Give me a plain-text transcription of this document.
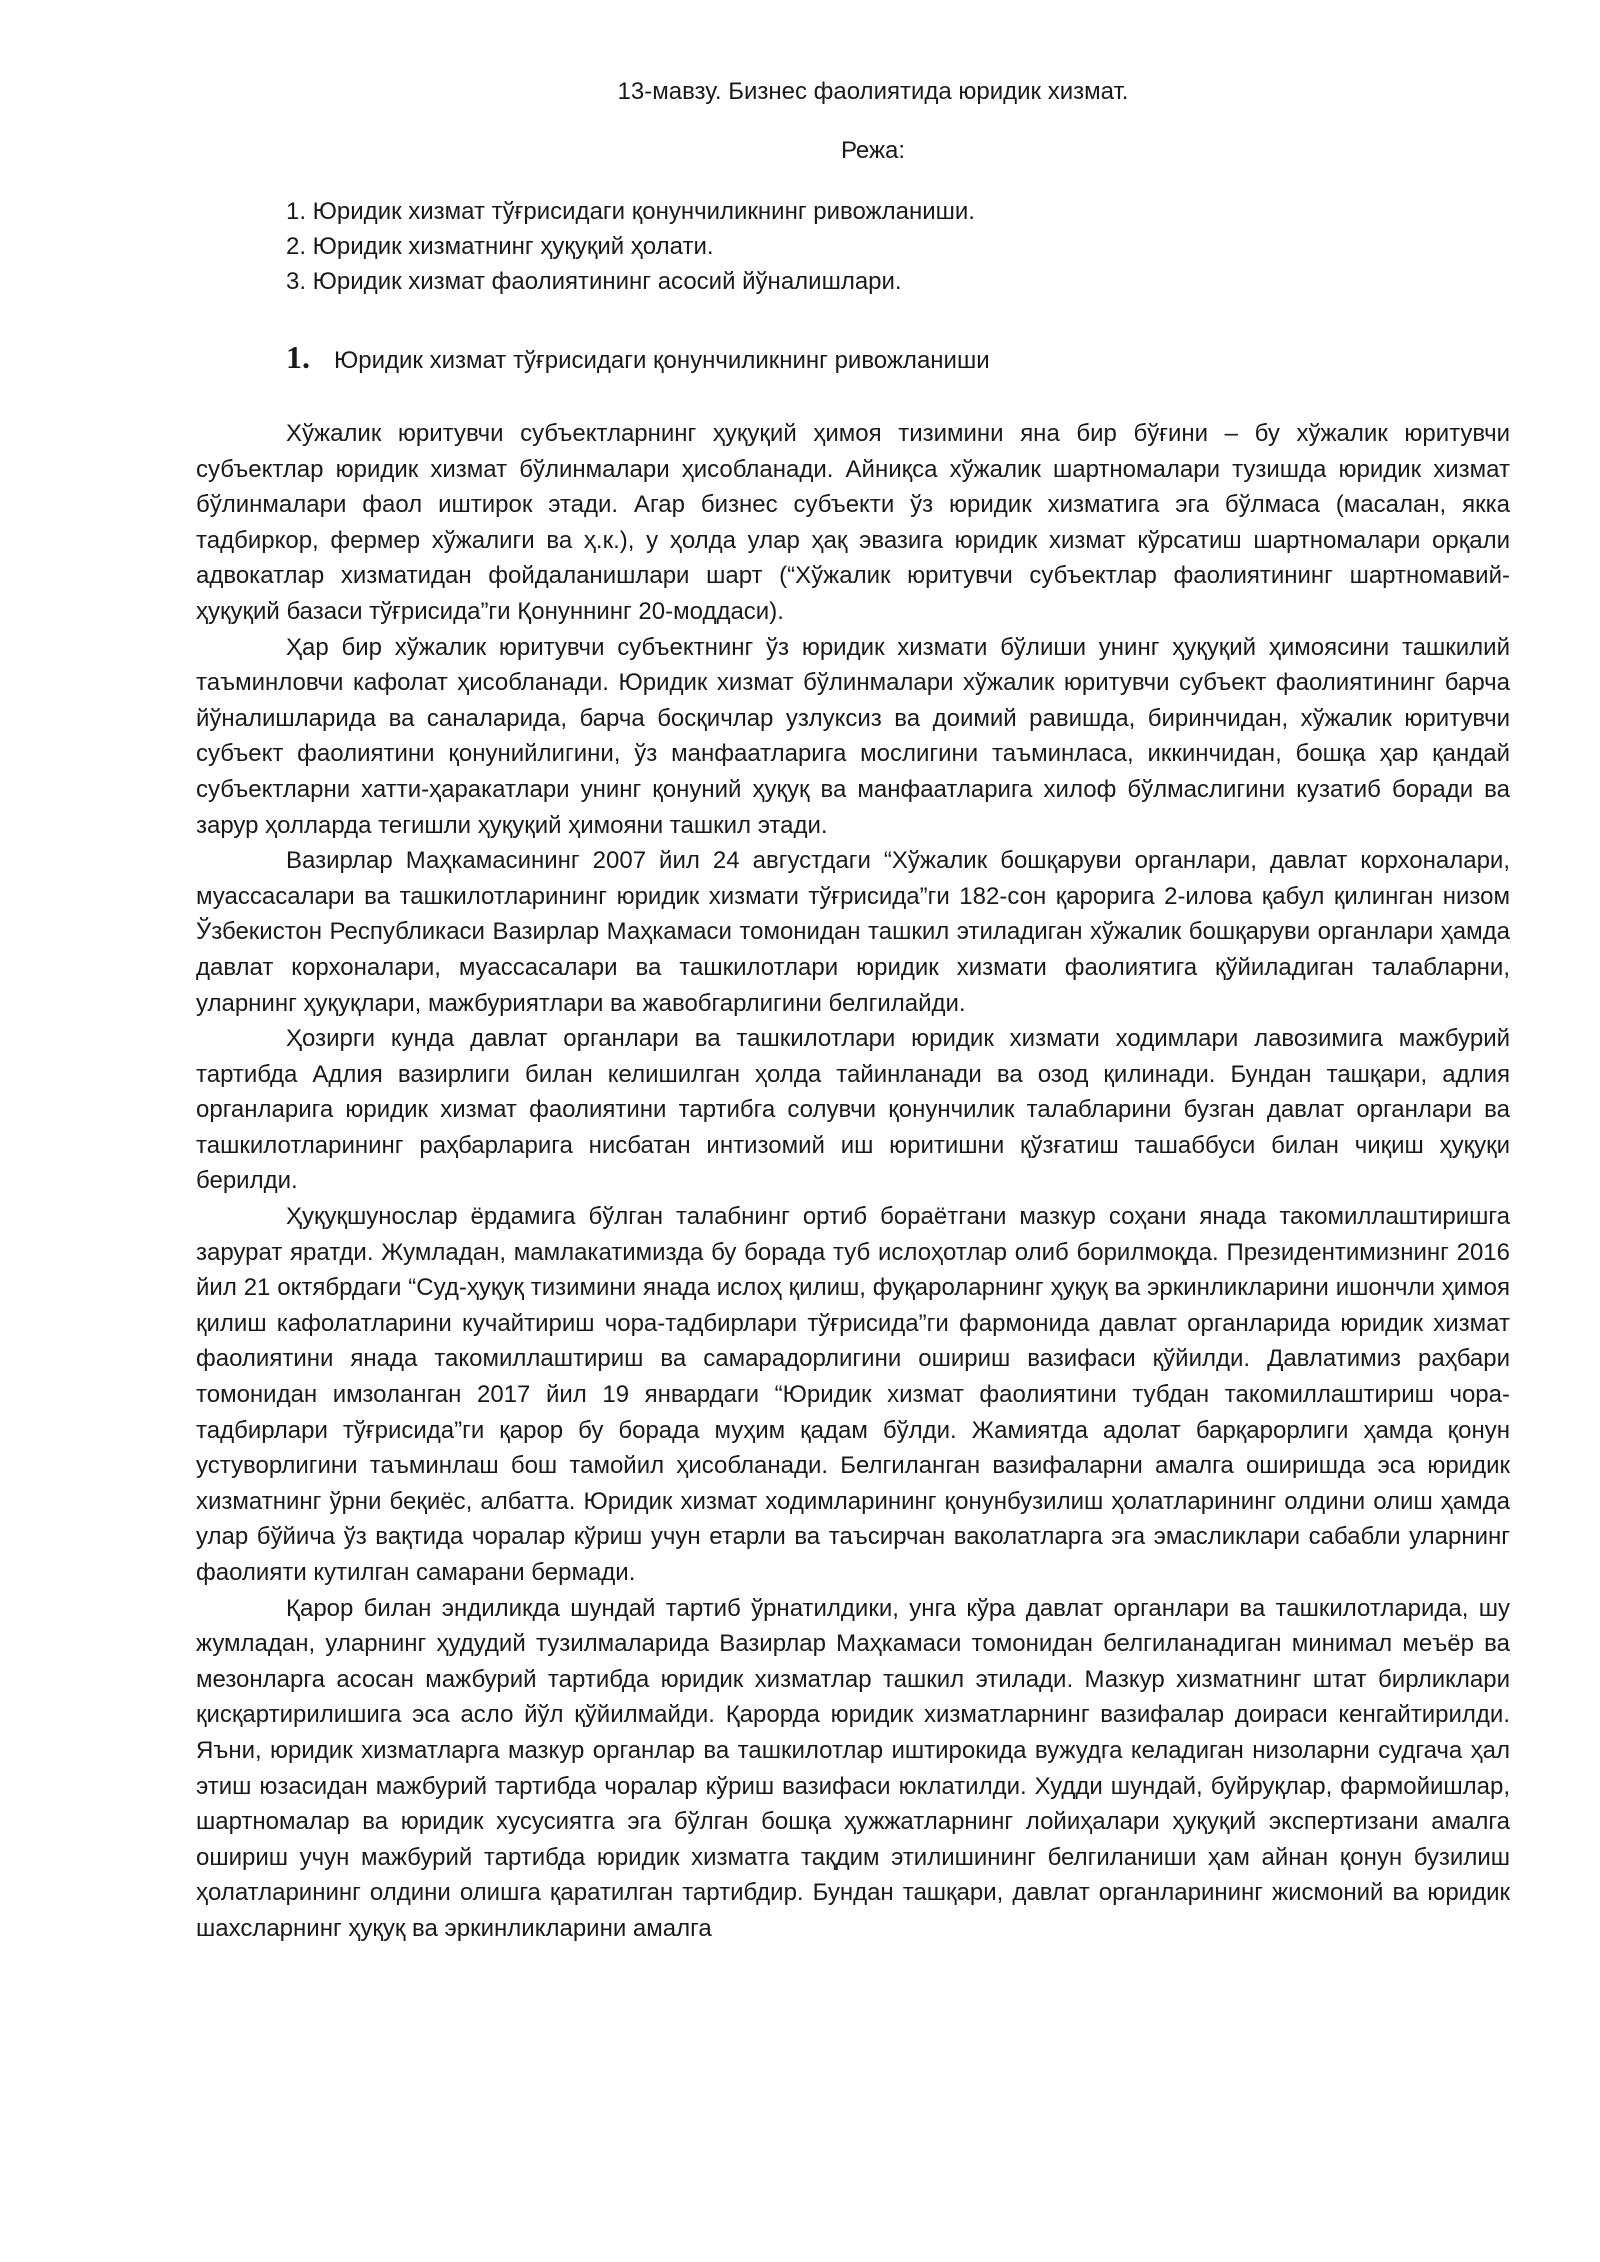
13-мавзу. Бизнес фаолиятида юридик хизмат.
Режа:
1. Юридик хизмат тўғрисидаги қонунчиликнинг ривожланиши.
2. Юридик хизматнинг ҳуқуқий ҳолати.
3. Юридик хизмат фаолиятининг асосий йўналишлари.
1. Юридик хизмат тўғрисидаги қонунчиликнинг ривожланиши

Хўжалик юритувчи субъектларнинг ҳуқуқий ҳимоя тизимини яна бир бўғини – бу хўжалик юритувчи субъектлар юридик хизмат бўлинмалари ҳисобланади. Айниқса хўжалик шартномалари тузишда юридик хизмат бўлинмалари фаол иштирок этади. Агар бизнес субъекти ўз юридик хизматига эга бўлмаса (масалан, якка тадбиркор, фермер хўжалиги ва ҳ.к.), у ҳолда улар ҳақ эвазига юридик хизмат кўрсатиш шартномалари орқали адвокатлар хизматидан фойдаланишлари шарт (“Хўжалик юритувчи субъектлар фаолиятининг шартномавий-ҳуқуқий базаси тўғрисида”ги Қонуннинг 20-моддаси).

Ҳар бир хўжалик юритувчи субъектнинг ўз юридик хизмати бўлиши унинг ҳуқуқий ҳимоясини ташкилий таъминловчи кафолат ҳисобланади. Юридик хизмат бўлинмалари хўжалик юритувчи субъект фаолиятининг барча йўналишларида ва саналарида, барча босқичлар узлуксиз ва доимий равишда, биринчидан, хўжалик юритувчи субъект фаолиятини қонунийлигини, ўз манфаатларига мослигини таъминласа, иккинчидан, бошқа ҳар қандай субъектларни хатти-ҳаракатлари унинг қонуний ҳуқуқ ва манфаатларига хилоф бўлмаслигини кузатиб боради ва зарур ҳолларда тегишли ҳуқуқий ҳимояни ташкил этади.

Вазирлар Маҳкамасининг 2007 йил 24 августдаги “Хўжалик бошқаруви органлари, давлат корхоналари, муассасалари ва ташкилотларининг юридик хизмати тўғрисида”ги 182-сон қарорига 2-илова қабул қилинган низом Ўзбекистон Республикаси Вазирлар Маҳкамаси томонидан ташкил этиладиган хўжалик бошқаруви органлари ҳамда давлат корхоналари, муассасалари ва ташкилотлари юридик хизмати фаолиятига қўйиладиган талабларни, уларнинг ҳуқуқлари, мажбуриятлари ва жавобгарлигини белгилайди.

Ҳозирги кунда давлат органлари ва ташкилотлари юридик хизмати ходимлари лавозимига мажбурий тартибда Адлия вазирлиги билан келишилган ҳолда тайинланади ва озод қилинади. Бундан ташқари, адлия органларига юридик хизмат фаолиятини тартибга солувчи қонунчилик талабларини бузган давлат органлари ва ташкилотларининг раҳбарларига нисбатан интизомий иш юритишни қўзғатиш ташаббуси билан чиқиш ҳуқуқи берилди.

Ҳуқуқшунослар ёрдамига бўлган талабнинг ортиб бораётгани мазкур соҳани янада такомиллаштиришга зарурат яратди. Жумладан, мамлакатимизда бу борада туб ислоҳотлар олиб борилмоқда. Президентимизнинг 2016 йил 21 октябрдаги “Суд-ҳуқуқ тизимини янада ислоҳ қилиш, фуқароларнинг ҳуқуқ ва эркинликларини ишончли ҳимоя қилиш кафолатларини кучайтириш чора-тадбирлари тўғрисида”ги фармонида давлат органларида юридик хизмат фаолиятини янада такомиллаштириш ва самарадорлигини ошириш вазифаси қўйилди. Давлатимиз раҳбари томонидан имзоланган 2017 йил 19 январдаги “Юридик хизмат фаолиятини тубдан такомиллаштириш чора-тадбирлари тўғрисида”ги қарор бу борада муҳим қадам бўлди. Жамиятда адолат барқарорлиги ҳамда қонун устуворлигини таъминлаш бош тамойил ҳисобланади. Белгиланган вазифаларни амалга оширишда эса юридик хизматнинг ўрни беқиёс, албатта. Юридик хизмат ходимларининг қонунбузилиш ҳолатларининг олдини олиш ҳамда улар бўйича ўз вақтида чоралар кўриш учун етарли ва таъсирчан ваколатларга эга эмасликлари сабабли уларнинг фаолияти кутилган самарани бермади.

Қарор билан эндиликда шундай тартиб ўрнатилдики, унга кўра давлат органлари ва ташкилотларида, шу жумладан, уларнинг ҳудудий тузилмаларида Вазирлар Маҳкамаси томонидан белгиланадиган минимал меъёр ва мезонларга асосан мажбурий тартибда юридик хизматлар ташкил этилади. Мазкур хизматнинг штат бирликлари қисқартирилишига эса асло йўл қўйилмайди. Қарорда юридик хизматларнинг вазифалар доираси кенгайтирилди. Яъни, юридик хизматларга мазкур органлар ва ташкилотлар иштирокида вужудга келадиган низоларни судгача ҳал этиш юзасидан мажбурий тартибда чоралар кўриш вазифаси юклатилди. Худди шундай, буйруқлар, фармойишлар, шартномалар ва юридик хусусиятга эга бўлган бошқа ҳужжатларнинг лойиҳалари ҳуқуқий экспертизани амалга ошириш учун мажбурий тартибда юридик хизматга тақдим этилишининг белгиланиши ҳам айнан қонун бузилиш ҳолатларининг олдини олишга қаратилган тартибдир. Бундан ташқари, давлат органларининг жисмоний ва юридик шахсларнинг ҳуқуқ ва эркинликларини амалга
